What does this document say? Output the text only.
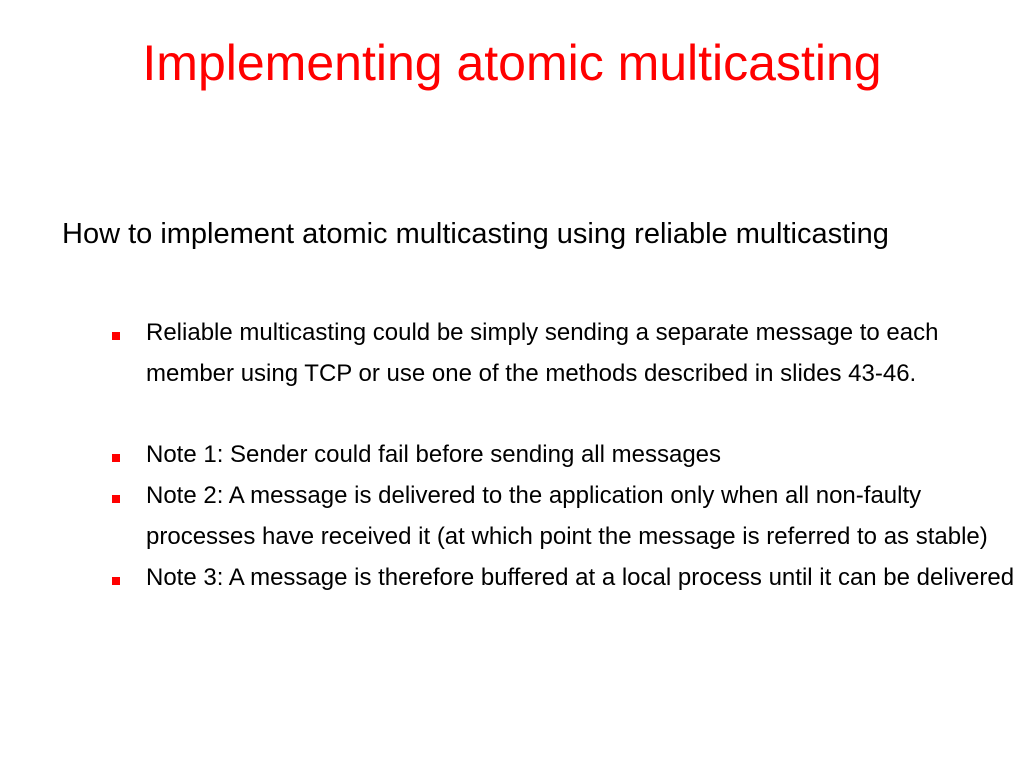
Implementing atomic multicasting
How to implement atomic multicasting using reliable multicasting
Reliable multicasting could be simply sending a separate message to each member using TCP or use one of the methods described in slides 43-46.
Note 1: Sender could fail before sending all messages
Note 2: A message is delivered to the application only when all non-faulty processes have received it (at which point the message is referred to as stable)
Note 3: A message is therefore buffered at a local process until it can be delivered
